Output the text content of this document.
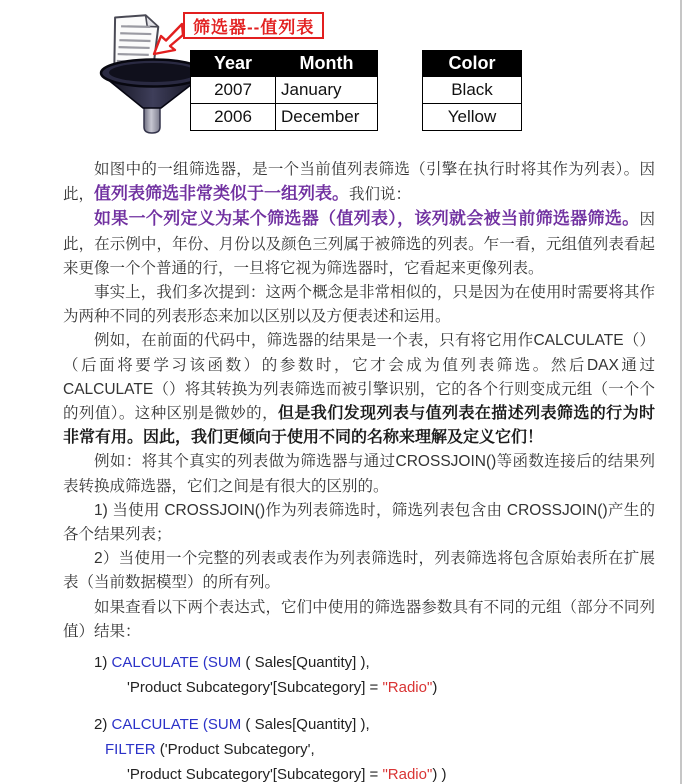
筛选器--值列表
Year	Month
2007	January
2006	December
Color
Black
Yellow

如图中的一组筛选器，是一个当前值列表筛选（引擎在执行时将其作为列表）。因此，值列表筛选非常类似于一组列表。我们说：

如果一个列定义为某个筛选器（值列表），该列就会被当前筛选器筛选。因此，在示例中，年份、月份以及颜色三列属于被筛选的列表。乍一看，元组值列表看起来更像一个个普通的行，一旦将它视为筛选器时，它看起来更像列表。

事实上，我们多次提到：这两个概念是非常相似的，只是因为在使用时需要将其作为两种不同的列表形态来加以区别以及方便表述和运用。

例如，在前面的代码中，筛选器的结果是一个表，只有将它用作CALCULATE（）（后面将要学习该函数）的参数时，它才会成为值列表筛选。然后DAX通过CALCULATE（）将其转换为列表筛选而被引擎识别，它的各个行则变成元组（一个个的列值）。这种区别是微妙的，但是我们发现列表与值列表在描述列表筛选的行为时非常有用。因此，我们更倾向于使用不同的名称来理解及定义它们！

例如：将其个真实的列表做为筛选器与通过CROSSJOIN()等函数连接后的结果列表转换成筛选器，它们之间是有很大的区别的。

1) 当使用 CROSSJOIN()作为列表筛选时，筛选列表包含由 CROSSJOIN()产生的各个结果列表；

2）当使用一个完整的列表或表作为列表筛选时，列表筛选将包含原始表所在扩展表（当前数据模型）的所有列。

如果查看以下两个表达式，它们中使用的筛选器参数具有不同的元组（部分不同列值）结果：

1) CALCULATE (SUM ( Sales[Quantity] ),
'Product Subcategory'[Subcategory] = "Radio")
2) CALCULATE (SUM ( Sales[Quantity] ),
FILTER ('Product Subcategory',
'Product Subcategory'[Subcategory] = "Radio") )
